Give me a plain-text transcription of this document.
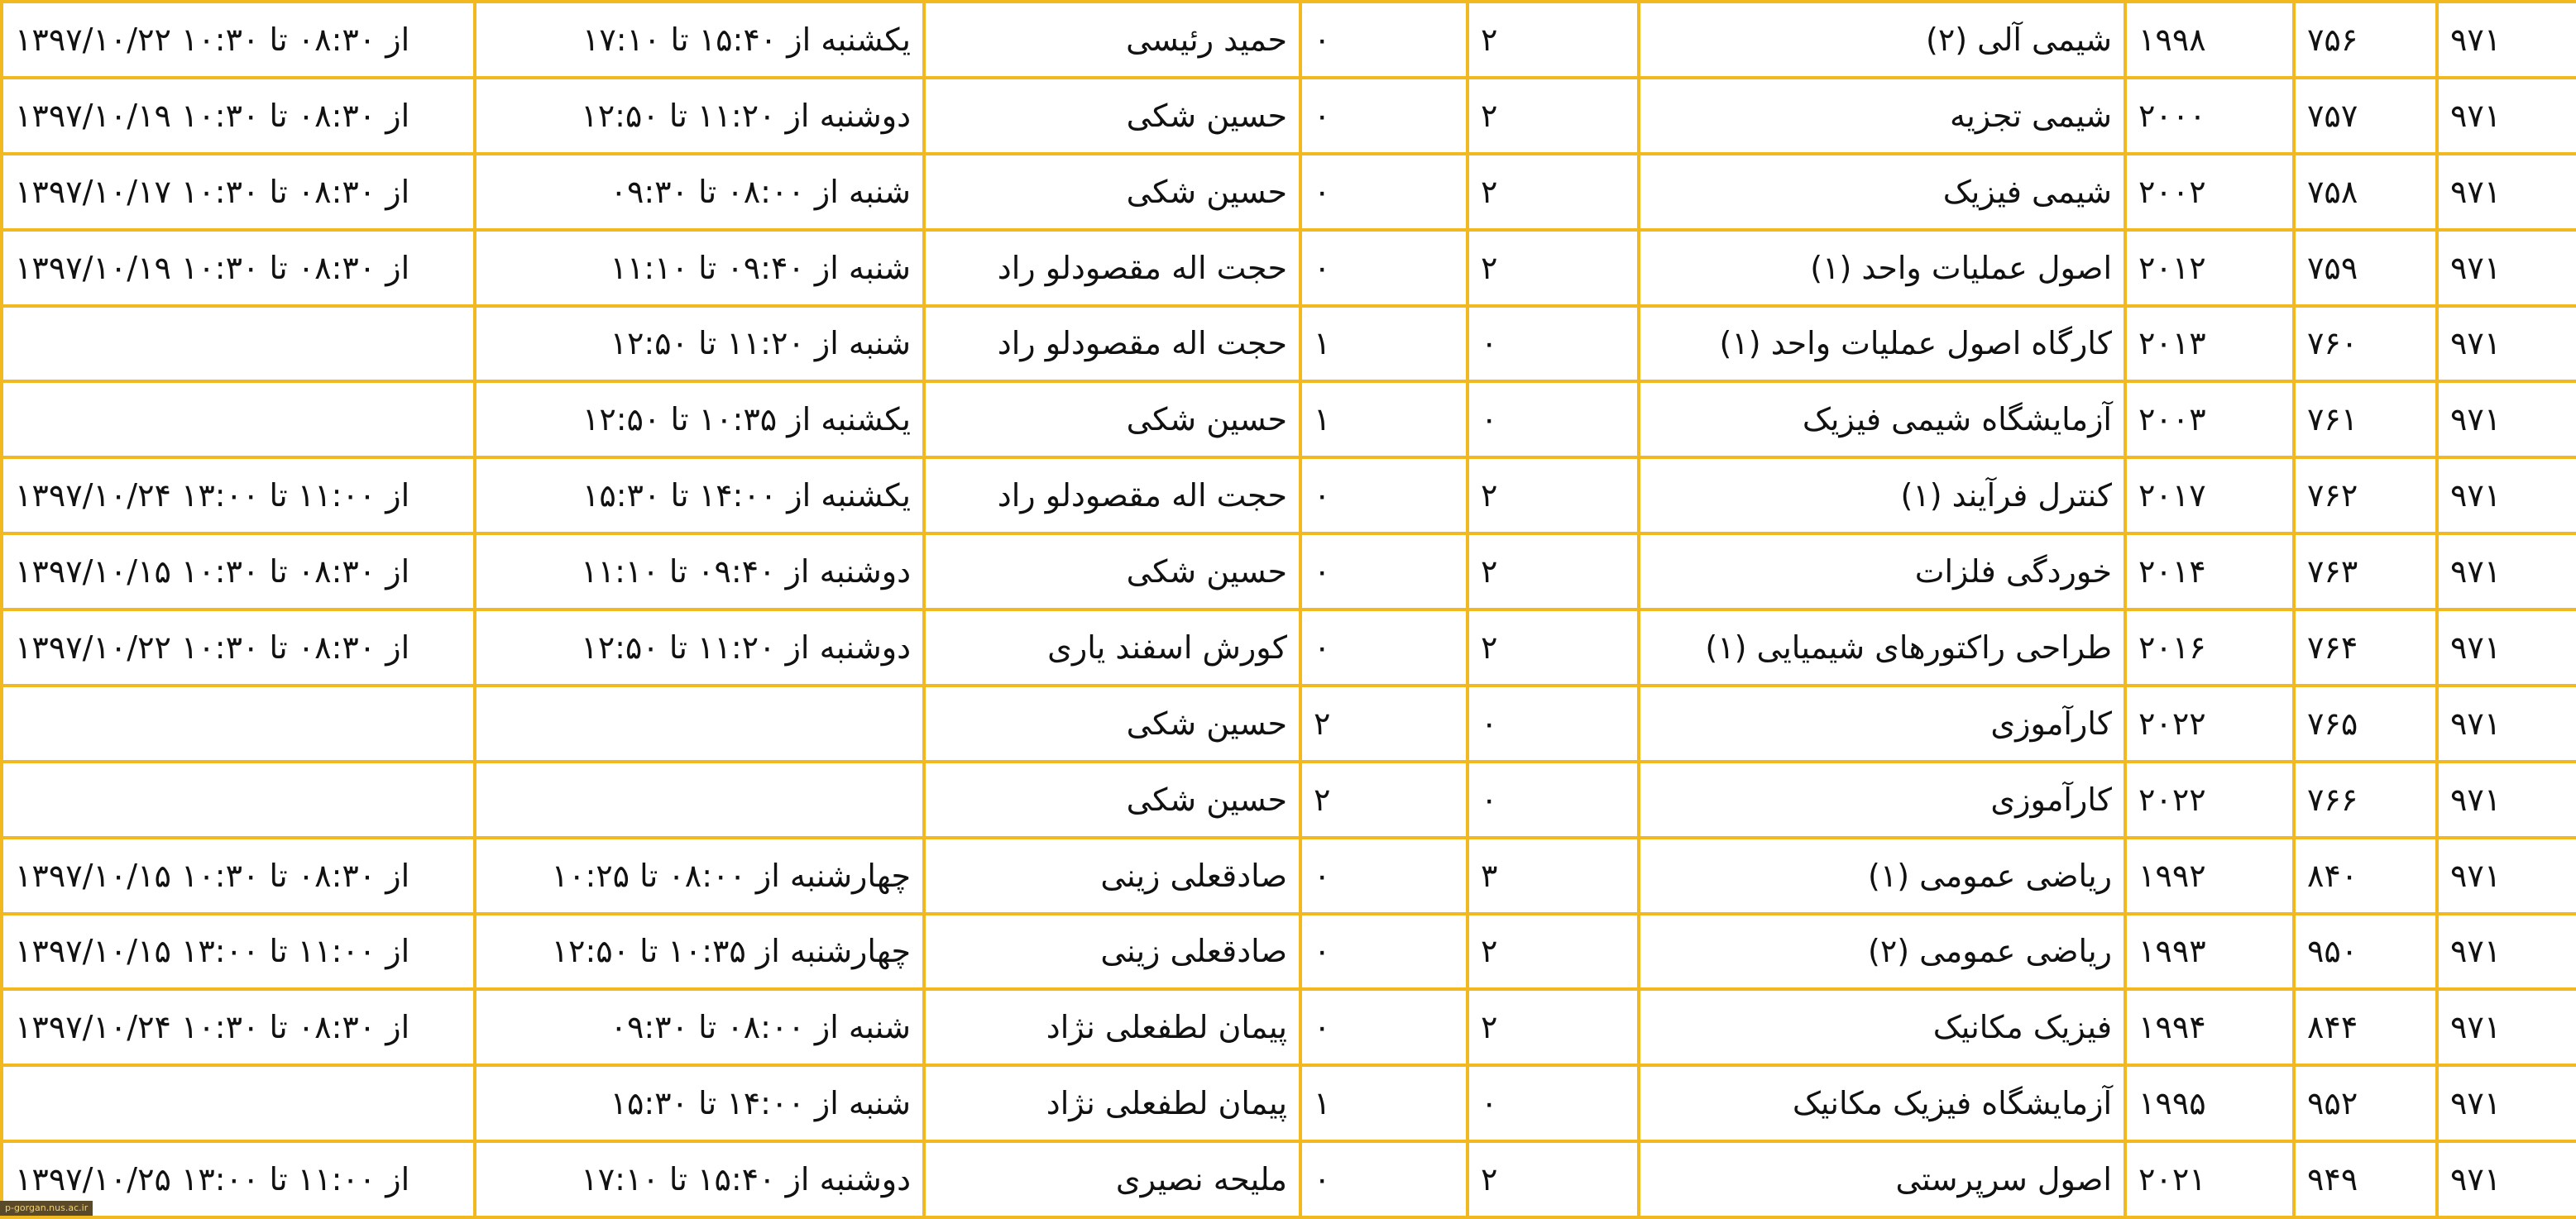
۹۷۱	۷۵۶	۱۹۹۸	شیمی آلی (۲)	۲	۰	حمید رئیسی	یکشنبه از ۱۵:۴۰ تا ۱۷:۱۰	از ۰۸:۳۰ تا ۱۰:۳۰ ۱۳۹۷/۱۰/۲۲
۹۷۱	۷۵۷	۲۰۰۰	شیمی تجزیه	۲	۰	حسین شکی	دوشنبه از ۱۱:۲۰ تا ۱۲:۵۰	از ۰۸:۳۰ تا ۱۰:۳۰ ۱۳۹۷/۱۰/۱۹
۹۷۱	۷۵۸	۲۰۰۲	شیمی فیزیک	۲	۰	حسین شکی	شنبه از ۰۸:۰۰ تا ۰۹:۳۰	از ۰۸:۳۰ تا ۱۰:۳۰ ۱۳۹۷/۱۰/۱۷
۹۷۱	۷۵۹	۲۰۱۲	اصول عملیات واحد (۱)	۲	۰	حجت اله مقصودلو راد	شنبه از ۰۹:۴۰ تا ۱۱:۱۰	از ۰۸:۳۰ تا ۱۰:۳۰ ۱۳۹۷/۱۰/۱۹
۹۷۱	۷۶۰	۲۰۱۳	کارگاه اصول عملیات واحد (۱)	۰	۱	حجت اله مقصودلو راد	شنبه از ۱۱:۲۰ تا ۱۲:۵۰	
۹۷۱	۷۶۱	۲۰۰۳	آزمایشگاه شیمی فیزیک	۰	۱	حسین شکی	یکشنبه از ۱۰:۳۵ تا ۱۲:۵۰	
۹۷۱	۷۶۲	۲۰۱۷	کنترل فرآیند (۱)	۲	۰	حجت اله مقصودلو راد	یکشنبه از ۱۴:۰۰ تا ۱۵:۳۰	از ۱۱:۰۰ تا ۱۳:۰۰ ۱۳۹۷/۱۰/۲۴
۹۷۱	۷۶۳	۲۰۱۴	خوردگی فلزات	۲	۰	حسین شکی	دوشنبه از ۰۹:۴۰ تا ۱۱:۱۰	از ۰۸:۳۰ تا ۱۰:۳۰ ۱۳۹۷/۱۰/۱۵
۹۷۱	۷۶۴	۲۰۱۶	طراحی راکتورهای شیمیایی (۱)	۲	۰	کورش اسفند یاری	دوشنبه از ۱۱:۲۰ تا ۱۲:۵۰	از ۰۸:۳۰ تا ۱۰:۳۰ ۱۳۹۷/۱۰/۲۲
۹۷۱	۷۶۵	۲۰۲۲	کارآموزی	۰	۲	حسین شکی		
۹۷۱	۷۶۶	۲۰۲۲	کارآموزی	۰	۲	حسین شکی		
۹۷۱	۸۴۰	۱۹۹۲	ریاضی عمومی (۱)	۳	۰	صادقعلی زینی	چهارشنبه از ۰۸:۰۰ تا ۱۰:۲۵	از ۰۸:۳۰ تا ۱۰:۳۰ ۱۳۹۷/۱۰/۱۵
۹۷۱	۹۵۰	۱۹۹۳	ریاضی عمومی (۲)	۲	۰	صادقعلی زینی	چهارشنبه از ۱۰:۳۵ تا ۱۲:۵۰	از ۱۱:۰۰ تا ۱۳:۰۰ ۱۳۹۷/۱۰/۱۵
۹۷۱	۸۴۴	۱۹۹۴	فیزیک مکانیک	۲	۰	پیمان لطفعلی نژاد	شنبه از ۰۸:۰۰ تا ۰۹:۳۰	از ۰۸:۳۰ تا ۱۰:۳۰ ۱۳۹۷/۱۰/۲۴
۹۷۱	۹۵۲	۱۹۹۵	آزمایشگاه فیزیک مکانیک	۰	۱	پیمان لطفعلی نژاد	شنبه از ۱۴:۰۰ تا ۱۵:۳۰	
۹۷۱	۹۴۹	۲۰۲۱	اصول سرپرستی	۲	۰	ملیحه نصیری	دوشنبه از ۱۵:۴۰ تا ۱۷:۱۰	از ۱۱:۰۰ تا ۱۳:۰۰ ۱۳۹۷/۱۰/۲۵
p-gorgan.nus.ac.ir
